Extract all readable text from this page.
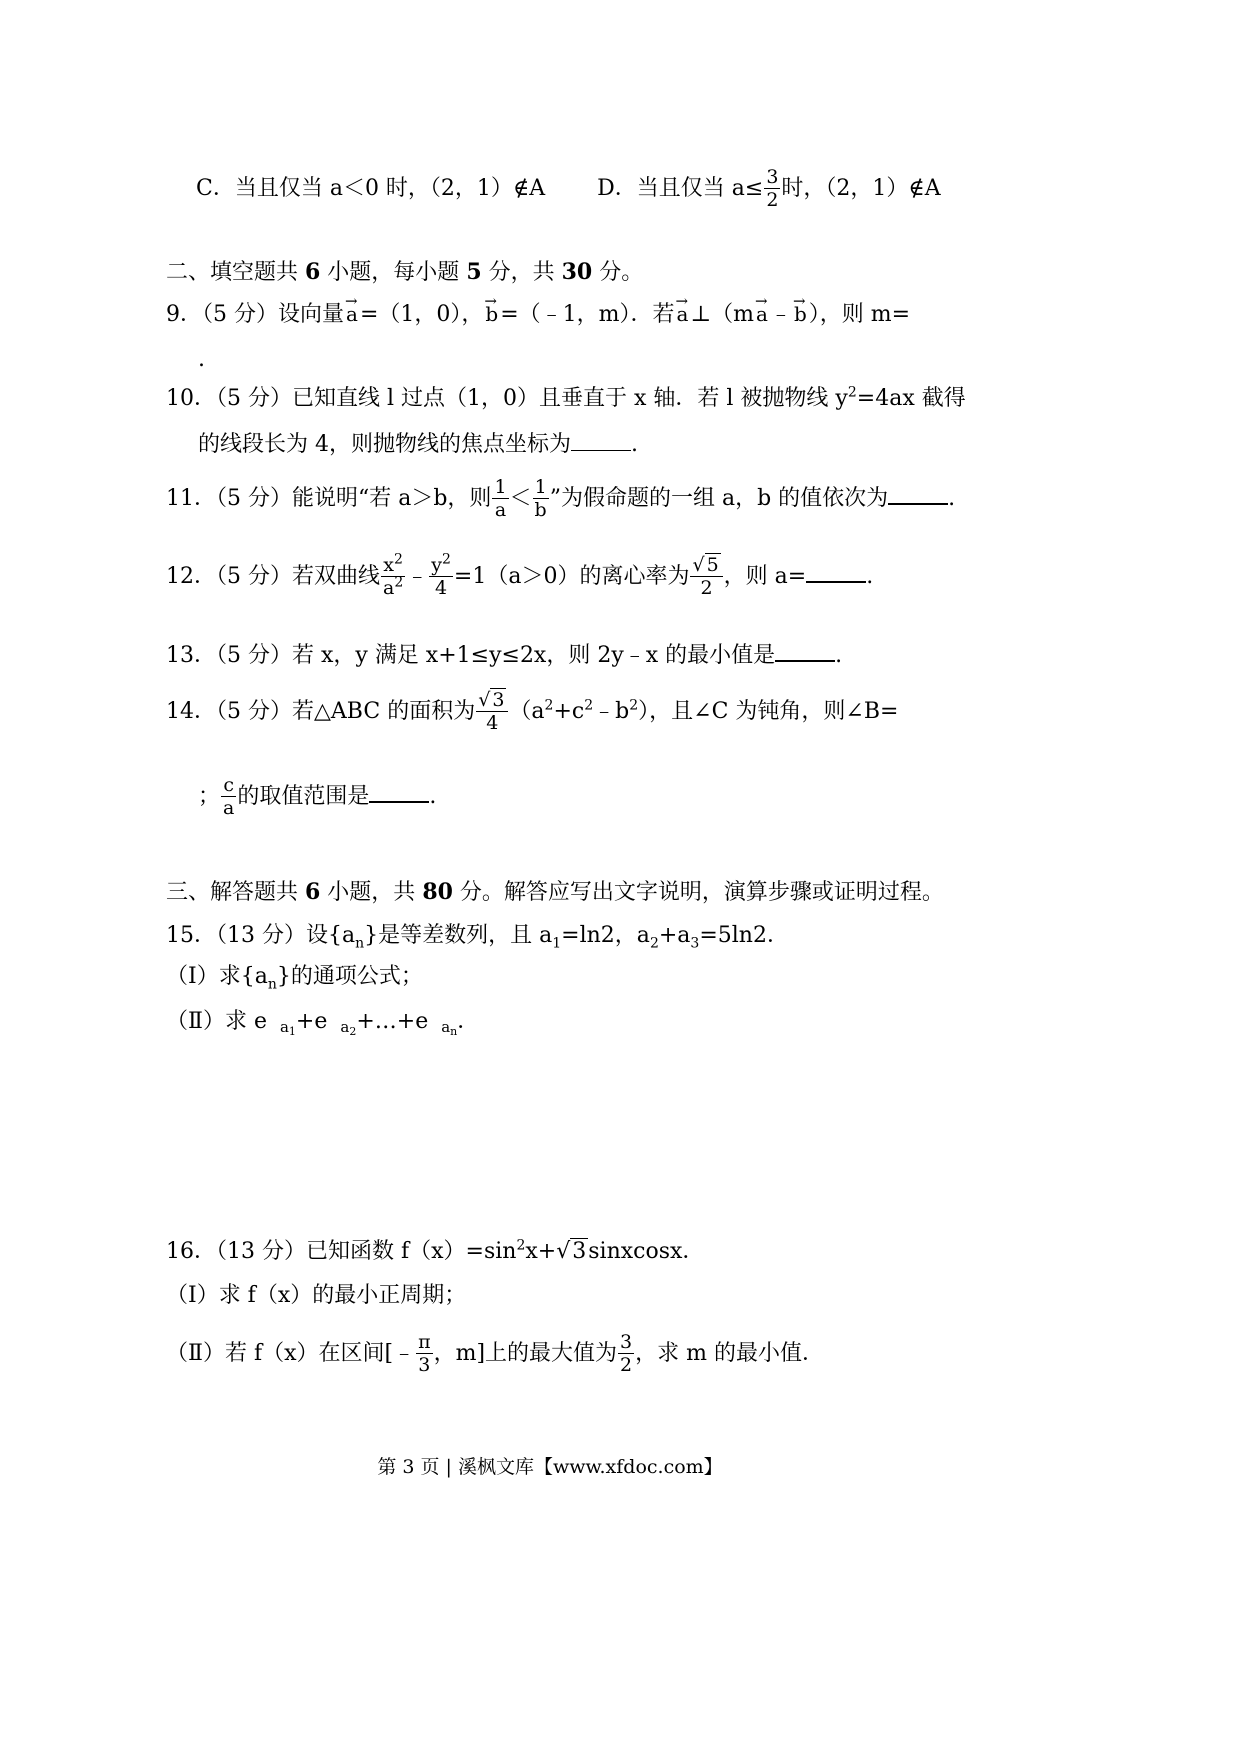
C．当且仅当 a＜0 时，（2，1）∉A D．当且仅当 $a\le \frac{3}{2}$ 时，（2，1）∉A
二、填空题共 6 小题，每小题 5 分，共 30 分。
9．（5 分）设向量 → a=（1，0）， → b=（﹣1，m）．若 → a⊥（m → a﹣ → b），则 m=
.
10．（5 分）已知直线 l 过点（1，0）且垂直于 x 轴．若 l 被抛物线 $y^2=4ax$ 截得
的线段长为 4，则抛物线的焦点坐标为	.
11．（5 分）能说明“若 a＞b，则 $\frac{1}{a} < \frac{1}{b}$ ”为假命题的一组 a，b 的值依次为	.
12．（5 分）若双曲线 $\frac{x^2}{a^2}$ ﹣ $\frac{y^2}{4} =1(a>0)$的离心率为 $\frac{√ 5}{2}$ ，则 a=	.
13．（5 分）若 x，y 满足 x+1≤y≤2x，则 2y﹣x 的最小值是	.
14．（5 分）若△ABC 的面积为 $\frac{√ 3}{4}$ $(a^2+c^2﹣b^2)$，且∠C 为钝角，则∠B=
； $\frac{c}{a}$ 的取值范围是	.
三、解答题共 6 小题，共 80 分。解答应写出文字说明，演算步骤或证明过程。
15．（13 分）设$\{a_n\}$是等差数列，且 $a_1=\ln 2$，$a_2+a_3=5\ln 2$．
（Ⅰ）求$\{a_n\}$的通项公式；
（Ⅱ）求 e $a_1+e$ $a_2+\dots+e$ $a_n$．
16．（13 分）已知函数 $f(x)=\sin^2x+√3sinxcosx$．
（Ⅰ）求 f（x）的最小正周期；
（Ⅱ）若 f（x）在区间[﹣ $\frac{\pi}{3}$ ，m]上的最大值为 $\frac{3}{2}$ ，求 m 的最小值．
第 3 页 | 溪枫文库【www.xfdoc.com】
